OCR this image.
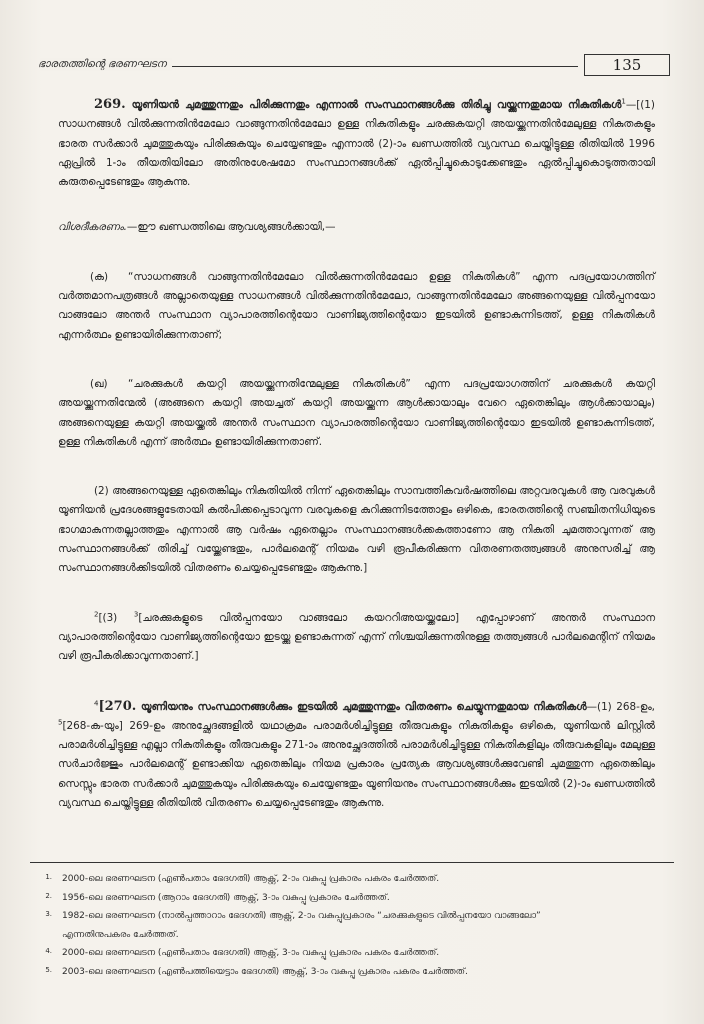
ഭാരതത്തിന്റെ ഭരണഘടന	135

269. യൂണിയൻ ചുമത്തുന്നതും പിരിക്കുന്നതും എന്നാൽ സംസ്ഥാനങ്ങൾക്കു തിരിച്ചു വയ്ക്കുന്നതുമായ നികുതികൾ$^1$—[(1) സാധനങ്ങൾ വിൽക്കുന്നതിൻമേലോ വാങ്ങുന്നതിൻമേലോ ഉള്ള നികുതികളും ചരക്കുകയറ്റി അയയ്ക്കുന്നതിൻമേലുള്ള നികുതകളും ഭാരത സർക്കാർ ചുമത്തുകയും പിരിക്കുകയും ചെയ്യേണ്ടതും എന്നാൽ (2)-ാം ഖണ്ഡത്തിൽ വ്യവസ്ഥ ചെയ്തിട്ടുള്ള രീതിയിൽ 1996 ഏപ്രിൽ 1-ാം തീയതിയിലോ അതിനുശേഷമോ സംസ്ഥാനങ്ങൾക്ക് ഏൽപ്പിച്ചുകൊടുക്കേണ്ടതും ഏൽപ്പിച്ചുകൊടുത്തതായി കരുതപ്പെടേണ്ടതും ആകുന്നു.

വിശദീകരണം.—ഈ ഖണ്ഡത്തിലെ ആവശ്യങ്ങൾക്കായി,—

(ക) “സാധനങ്ങൾ വാങ്ങുന്നതിൻമേലോ വിൽക്കുന്നതിൻമേലോ ഉള്ള നികുതികൾ” എന്ന പദപ്രയോഗത്തിന് വർത്തമാനപത്രങ്ങൾ അല്ലാതെയുള്ള സാധനങ്ങൾ വിൽക്കുന്നതിൻമേലോ, വാങ്ങുന്നതിൻമേലോ അങ്ങനെയുള്ള വിൽപ്പനയോ വാങ്ങലോ അന്തർ സംസ്ഥാന വ്യാപാരത്തിന്റെയോ വാണിജ്യത്തിന്റെയോ ഇടയിൽ ഉണ്ടാകുന്നിടത്ത്, ഉള്ള നികുതികൾ എന്നർത്ഥം ഉണ്ടായിരിക്കുന്നതാണ്;

(ഖ) “ചരക്കുകൾ കയറ്റി അയയ്ക്കുന്നതിന്മേലുള്ള നികുതികൾ” എന്ന പദപ്രയോഗത്തിന് ചരക്കുകൾ കയറ്റി അയയ്ക്കുന്നതിന്മേൽ (അങ്ങനെ കയറ്റി അയച്ചത് കയറ്റി അയയ്ക്കുന്ന ആൾക്കായാലും വേറെ ഏതെങ്കിലും ആൾക്കായാലും) അങ്ങനെയുള്ള കയറ്റി അയയ്ക്കൽ അന്തർ സംസ്ഥാന വ്യാപാരത്തിന്റെയോ വാണിജ്യത്തിന്റെയോ ഇടയിൽ ഉണ്ടാകുന്നിടത്ത്, ഉള്ള നികുതികൾ എന്ന് അർത്ഥം ഉണ്ടായിരിക്കുന്നതാണ്.

(2) അങ്ങനെയുള്ള ഏതെങ്കിലും നികുതിയിൽ നിന്ന് ഏതെങ്കിലും സാമ്പത്തികവർഷത്തിലെ അറ്റവരവുകൾ ആ വരവുകൾ യൂണിയൻ പ്രദേശങ്ങളുടേതായി കൽപിക്കപ്പെടാവുന്ന വരവുകളെ കുറിക്കുന്നിടത്തോളം ഒഴികെ, ഭാരതത്തിന്റെ സഞ്ചിതനിധിയുടെ ഭാഗമാകുന്നതല്ലാത്തതും എന്നാൽ ആ വർഷം ഏതെല്ലാം സംസ്ഥാനങ്ങൾക്കകത്താണോ ആ നികുതി ചുമത്താവുന്നത് ആ സംസ്ഥാനങ്ങൾക്ക് തിരിച്ച് വയ്ക്കേണ്ടതും, പാർലമെന്റ് നിയമം വഴി രൂപീകരിക്കുന്ന വിതരണതത്ത്വങ്ങൾ അനുസരിച്ച് ആ സംസ്ഥാനങ്ങൾക്കിടയിൽ വിതരണം ചെയ്യപ്പെടേണ്ടതും ആകുന്നു.]

$^2$[(3) $^3$[ചരക്കുകളുടെ വിൽപ്പനയോ വാങ്ങലോ കയററിഅയയ്ക്കലോ] എപ്പോഴാണ് അന്തർ സംസ്ഥാന വ്യാപാരത്തിന്റെയോ വാണിജ്യത്തിന്റെയോ ഇടയ്ക്കു ഉണ്ടാകുന്നത് എന്ന് നിശ്ചയിക്കുന്നതിനുള്ള തത്ത്വങ്ങൾ പാർലമെന്റിന് നിയമം വഴി രൂപീകരിക്കാവുന്നതാണ്.]

$^4$[270. യൂണിയനും സംസ്ഥാനങ്ങൾക്കും ഇടയിൽ ചുമത്തുന്നതും വിതരണം ചെയ്യുന്നതുമായ നികുതികൾ—(1) 268-ഉം, $^5$[268-ക-യും] 269-ഉം അനുച്ഛേദങ്ങളിൽ യഥാക്രമം പരാമർശിച്ചിട്ടുള്ള തീരുവകളും നികുതികളും ഒഴികെ, യൂണിയൻ ലിസ്റ്റിൽ പരാമർശിച്ചിട്ടുള്ള എല്ലാ നികുതികളും തീരുവകളും 271-ാം അനുച്ഛേദത്തിൽ പരാമർശിച്ചിട്ടുള്ള നികുതികളിലും തീരുവകളിലും മേലുള്ള സർചാർജ്ജും പാർലമെന്റ് ഉണ്ടാക്കിയ ഏതെങ്കിലും നിയമ പ്രകാരം പ്രത്യേക ആവശ്യങ്ങൾക്കുവേണ്ടി ചുമത്തുന്ന ഏതെങ്കിലും സെസ്സും ഭാരത സർക്കാർ ചുമത്തുകയും പിരിക്കുകയും ചെയ്യേണ്ടതും യൂണിയനും സംസ്ഥാനങ്ങൾക്കും ഇടയിൽ (2)-ാം ഖണ്ഡത്തിൽ വ്യവസ്ഥ ചെയ്തിട്ടുള്ള രീതിയിൽ വിതരണം ചെയ്യപ്പെടേണ്ടതും ആകുന്നു.

1. 2000-ലെ ഭരണഘടന (എൺപതാം ഭേദഗതി) ആക്റ്റ്, 2-ാം വകുപ്പു പ്രകാരം പകരം ചേർത്തത്.
2. 1956-ലെ ഭരണഘടന (ആറാം ഭേദഗതി) ആക്റ്റ്, 3-ാം വകുപ്പു പ്രകാരം ചേർത്തത്.
3. 1982-ലെ ഭരണഘടന (നാൽപ്പത്താറാം ഭേദഗതി) ആക്റ്റ്, 2-ാം വകുപ്പുപ്രകാരം “ചരക്കുകളുടെ വിൽപ്പനയോ വാങ്ങലോ”
എന്നതിനുപകരം ചേർത്തത്.
4. 2000-ലെ ഭരണഘടന (എൺപതാം ഭേദഗതി) ആക്റ്റ്, 3-ാം വകുപ്പു പ്രകാരം പകരം ചേർത്തത്.
5. 2003-ലെ ഭരണഘടന (എൺപത്തിയെട്ടാം ഭേദഗതി) ആക്റ്റ്, 3-ാം വകുപ്പു പ്രകാരം പകരം ചേർത്തത്.
